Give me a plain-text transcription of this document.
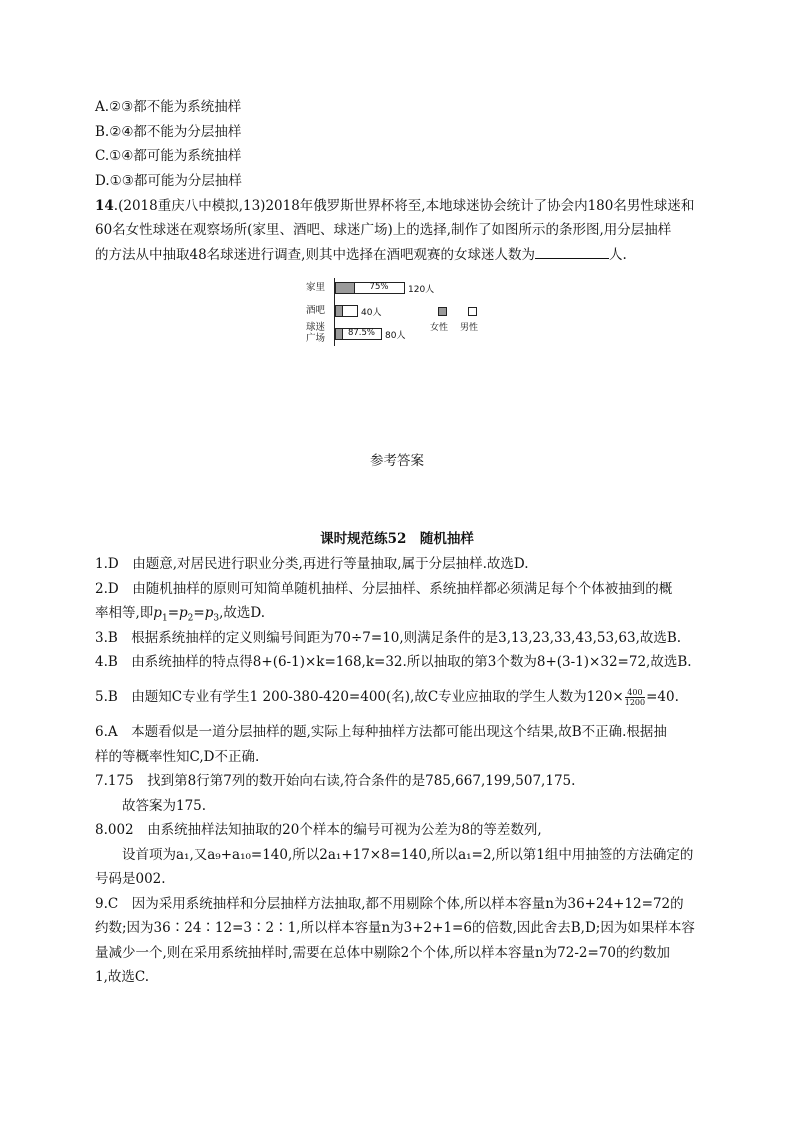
A.②③都不能为系统抽样
B.②④都不能为分层抽样
C.①④都可能为系统抽样
D.①③都可能为分层抽样
14.(2018重庆八中模拟,13)2018年俄罗斯世界杯将至,本地球迷协会统计了协会内180名男性球迷和
60名女性球迷在观察场所(家里、酒吧、球迷广场)上的选择,制作了如图所示的条形图,用分层抽样
的方法从中抽取48名球迷进行调查,则其中选择在酒吧观赛的女球迷人数为	人.
家里	75%	120人
酒吧	40人
球迷
广场	87.5%	80人
女性 男性
参考答案
课时规范练52　随机抽样
1.D　由题意,对居民进行职业分类,再进行等量抽取,属于分层抽样.故选D.
2.D　由随机抽样的原则可知简单随机抽样、分层抽样、系统抽样都必须满足每个个体被抽到的概
率相等,即$p_1=p_2=p_3$,故选D.
3.B　根据系统抽样的定义则编号间距为70÷7=10,则满足条件的是3,13,23,33,43,53,63,故选B.
4.B　由系统抽样的特点得8+(6-1)×k=168,k=32.所以抽取的第3个数为8+(3-1)×32=72,故选B.
5.B　由题知C专业有学生1 200-380-420=400(名),故C专业应抽取的学生人数为$120\times \frac{400}{1200} =40$.
6.A　本题看似是一道分层抽样的题,实际上每种抽样方法都可能出现这个结果,故B不正确.根据抽
样的等概率性知C,D不正确.
7.175　找到第8行第7列的数开始向右读,符合条件的是785,667,199,507,175.
故答案为175.
8.002　由系统抽样法知抽取的20个样本的编号可视为公差为8的等差数列,
设首项为a₁,又a₉+a₁₀=140,所以2a₁+17×8=140,所以a₁=2,所以第1组中用抽签的方法确定的
号码是002.
9.C　因为采用系统抽样和分层抽样方法抽取,都不用剔除个体,所以样本容量n为36+24+12=72的
约数;因为36∶24∶12=3∶2∶1,所以样本容量n为3+2+1=6的倍数,因此舍去B,D;因为如果样本容
量减少一个,则在采用系统抽样时,需要在总体中剔除2个个体,所以样本容量n为72-2=70的约数加
1,故选C.
